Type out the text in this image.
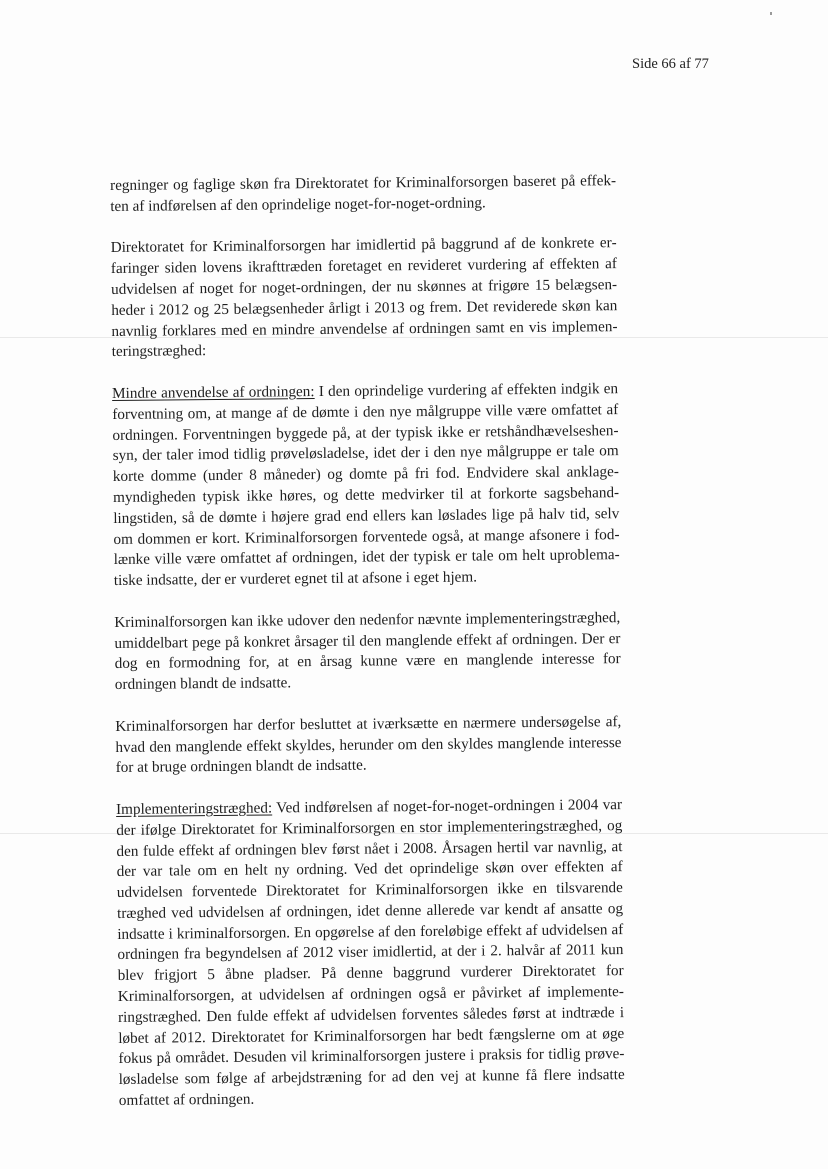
Side 66 af 77

regninger og faglige skøn fra Direktoratet for Kriminalforsorgen baseret på effekten af indførelsen af den oprindelige noget-for-noget-ordning.

Direktoratet for Kriminalforsorgen har imidlertid på baggrund af de konkrete erfaringer siden lovens ikrafttræden foretaget en revideret vurdering af effekten af udvidelsen af noget for noget-ordningen, der nu skønnes at frigøre 15 belægsenheder i 2012 og 25 belægsenheder årligt i 2013 og frem. Det reviderede skøn kan navnlig forklares med en mindre anvendelse af ordningen samt en vis implementeringstræghed:

Mindre anvendelse af ordningen: I den oprindelige vurdering af effekten indgik en forventning om, at mange af de dømte i den nye målgruppe ville være omfattet af ordningen. Forventningen byggede på, at der typisk ikke er retshåndhævelseshensyn, der taler imod tidlig prøveløsladelse, idet der i den nye målgruppe er tale om korte domme (under 8 måneder) og domte på fri fod. Endvidere skal anklagemyndigheden typisk ikke høres, og dette medvirker til at forkorte sagsbehandlingstiden, så de dømte i højere grad end ellers kan løslades lige på halv tid, selv om dommen er kort. Kriminalforsorgen forventede også, at mange afsonere i fodlænke ville være omfattet af ordningen, idet der typisk er tale om helt uproblematiske indsatte, der er vurderet egnet til at afsone i eget hjem.

Kriminalforsorgen kan ikke udover den nedenfor nævnte implementeringstræghed, umiddelbart pege på konkret årsager til den manglende effekt af ordningen. Der er dog en formodning for, at en årsag kunne være en manglende interesse for ordningen blandt de indsatte.

Kriminalforsorgen har derfor besluttet at iværksætte en nærmere undersøgelse af, hvad den manglende effekt skyldes, herunder om den skyldes manglende interesse for at bruge ordningen blandt de indsatte.

Implementeringstræghed: Ved indførelsen af noget-for-noget-ordningen i 2004 var der ifølge Direktoratet for Kriminalforsorgen en stor implementeringstræghed, og den fulde effekt af ordningen blev først nået i 2008. Årsagen hertil var navnlig, at der var tale om en helt ny ordning. Ved det oprindelige skøn over effekten af udvidelsen forventede Direktoratet for Kriminalforsorgen ikke en tilsvarende træghed ved udvidelsen af ordningen, idet denne allerede var kendt af ansatte og indsatte i kriminalforsorgen. En opgørelse af den foreløbige effekt af udvidelsen af ordningen fra begyndelsen af 2012 viser imidlertid, at der i 2. halvår af 2011 kun blev frigjort 5 åbne pladser. På denne baggrund vurderer Direktoratet for Kriminalforsorgen, at udvidelsen af ordningen også er påvirket af implementeringstræghed. Den fulde effekt af udvidelsen forventes således først at indtræde i løbet af 2012. Direktoratet for Kriminalforsorgen har bedt fængslerne om at øge fokus på området. Desuden vil kriminalforsorgen justere i praksis for tidlig prøveløsladelse som følge af arbejdstræning for ad den vej at kunne få flere indsatte omfattet af ordningen.
